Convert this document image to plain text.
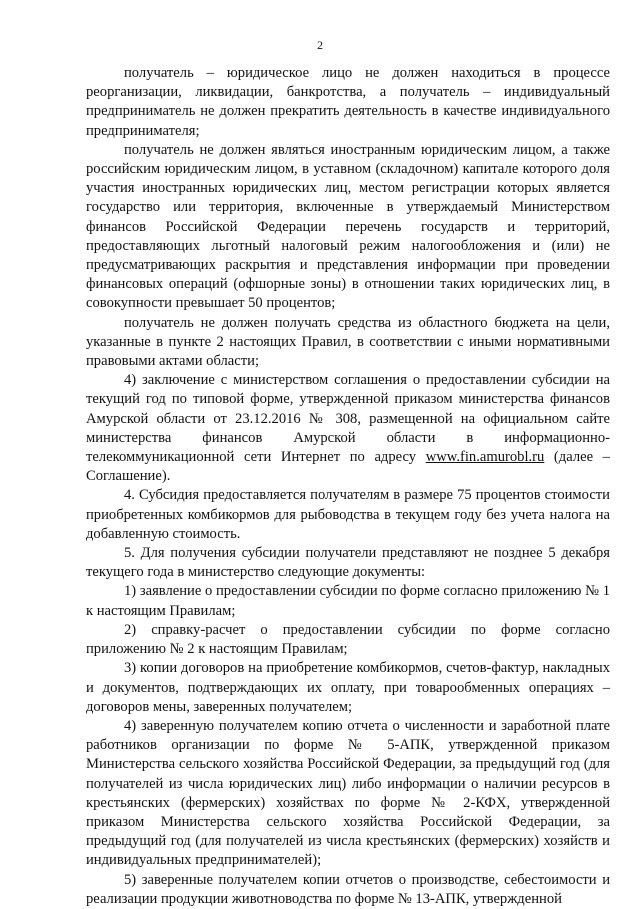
2

получатель – юридическое лицо не должен находиться в процессе реорганизации, ликвидации, банкротства, а получатель – индивидуальный предприниматель не должен прекратить деятельность в качестве индивидуального предпринимателя;

получатель не должен являться иностранным юридическим лицом, а также российским юридическим лицом, в уставном (складочном) капитале которого доля участия иностранных юридических лиц, местом регистрации которых является государство или территория, включенные в утверждаемый Министерством финансов Российской Федерации перечень государств и территорий, предоставляющих льготный налоговый режим налогообложения и (или) не предусматривающих раскрытия и представления информации при проведении финансовых операций (офшорные зоны) в отношении таких юридических лиц, в совокупности превышает 50 процентов;

получатель не должен получать средства из областного бюджета на цели, указанные в пункте 2 настоящих Правил, в соответствии с иными нормативными правовыми актами области;

4) заключение с министерством соглашения о предоставлении субсидии на текущий год по типовой форме, утвержденной приказом министерства финансов Амурской области от 23.12.2016 № 308, размещенной на официальном сайте министерства финансов Амурской области в информационно-телекоммуникационной сети Интернет по адресу www.fin.amurobl.ru (далее – Соглашение).

4. Субсидия предоставляется получателям в размере 75 процентов стоимости приобретенных комбикормов для рыбоводства в текущем году без учета налога на добавленную стоимость.

5. Для получения субсидии получатели представляют не позднее 5 декабря текущего года в министерство следующие документы:

1) заявление о предоставлении субсидии по форме согласно приложению № 1 к настоящим Правилам;

2) справку-расчет о предоставлении субсидии по форме согласно приложению № 2 к настоящим Правилам;

3) копии договоров на приобретение комбикормов, счетов-фактур, накладных и документов, подтверждающих их оплату, при товарообменных операциях – договоров мены, заверенных получателем;

4) заверенную получателем копию отчета о численности и заработной плате работников организации по форме № 5-АПК, утвержденной приказом Министерства сельского хозяйства Российской Федерации, за предыдущий год (для получателей из числа юридических лиц) либо информации о наличии ресурсов в крестьянских (фермерских) хозяйствах по форме № 2-КФХ, утвержденной приказом Министерства сельского хозяйства Российской Федерации, за предыдущий год (для получателей из числа крестьянских (фермерских) хозяйств и индивидуальных предпринимателей);

5) заверенные получателем копии отчетов о производстве, себестоимости и реализации продукции животноводства по форме № 13-АПК, утвержденной
